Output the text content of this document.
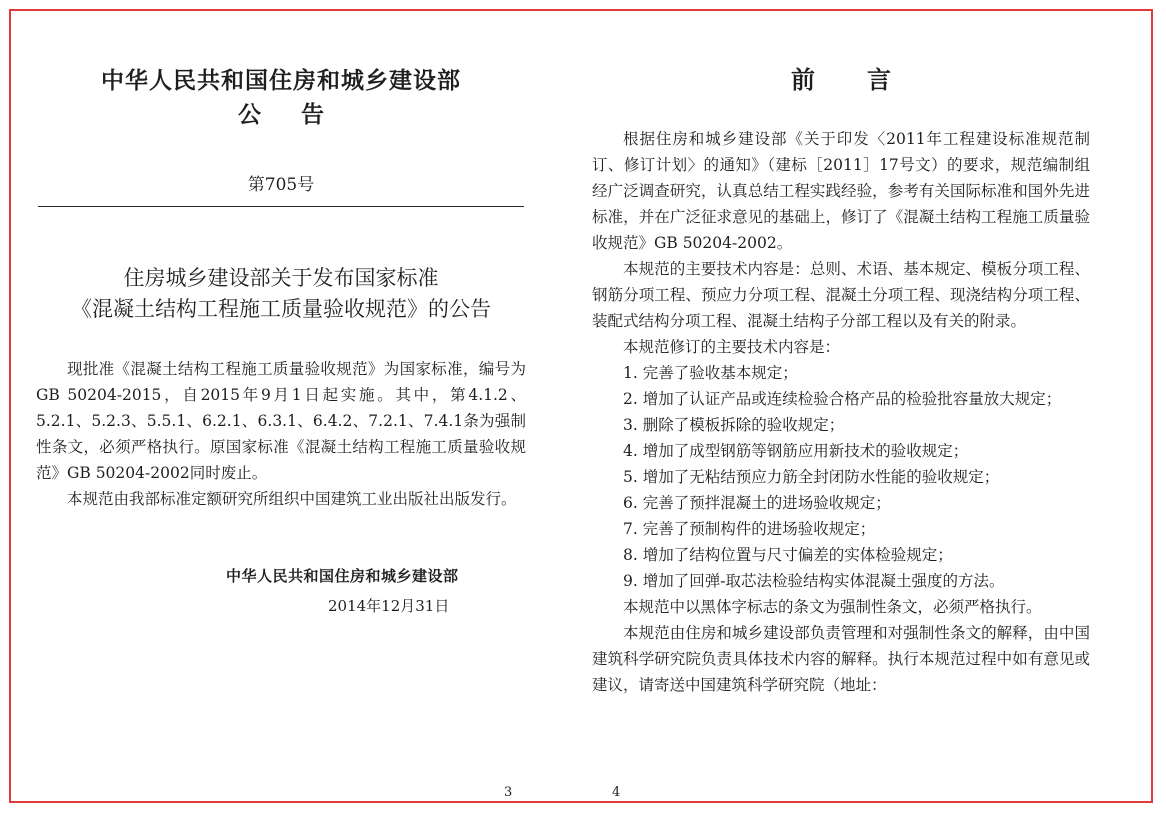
中华人民共和国住房和城乡建设部
公告
第705号
住房城乡建设部关于发布国家标准
《混凝土结构工程施工质量验收规范》的公告

现批准《混凝土结构工程施工质量验收规范》为国家标准，编号为GB 50204-2015，自2015年9月1日起实施。其中，第4.1.2、5.2.1、5.2.3、5.5.1、6.2.1、6.3.1、6.4.2、7.2.1、7.4.1条为强制性条文，必须严格执行。原国家标准《混凝土结构工程施工质量验收规范》GB 50204-2002同时废止。

本规范由我部标准定额研究所组织中国建筑工业出版社出版发行。

中华人民共和国住房和城乡建设部
2014年12月31日
前言

根据住房和城乡建设部《关于印发〈2011年工程建设标准规范制订、修订计划〉的通知》（建标［2011］17号文）的要求，规范编制组经广泛调查研究，认真总结工程实践经验，参考有关国际标准和国外先进标准，并在广泛征求意见的基础上，修订了《混凝土结构工程施工质量验收规范》GB 50204-2002。

本规范的主要技术内容是：总则、术语、基本规定、模板分项工程、钢筋分项工程、预应力分项工程、混凝土分项工程、现浇结构分项工程、装配式结构分项工程、混凝土结构子分部工程以及有关的附录。

本规范修订的主要技术内容是：

1. 完善了验收基本规定；

2. 增加了认证产品或连续检验合格产品的检验批容量放大规定；

3. 删除了模板拆除的验收规定；

4. 增加了成型钢筋等钢筋应用新技术的验收规定；

5. 增加了无粘结预应力筋全封闭防水性能的验收规定；

6. 完善了预拌混凝土的进场验收规定；

7. 完善了预制构件的进场验收规定；

8. 增加了结构位置与尺寸偏差的实体检验规定；

9. 增加了回弹-取芯法检验结构实体混凝土强度的方法。

本规范中以黑体字标志的条文为强制性条文，必须严格执行。

本规范由住房和城乡建设部负责管理和对强制性条文的解释，由中国建筑科学研究院负责具体技术内容的解释。执行本规范过程中如有意见或建议，请寄送中国建筑科学研究院（地址：

3	4
